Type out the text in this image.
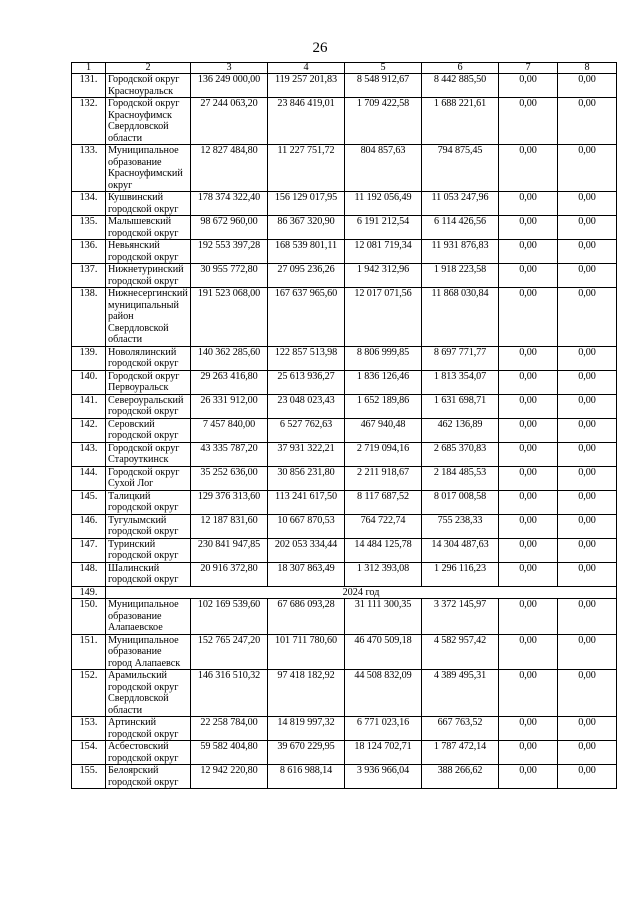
26
1	2	3	4	5	6	7	8
131.	Городской округ Красноуральск	136 249 000,00	119 257 201,83	8 548 912,67	8 442 885,50	0,00	0,00
132.	Городской округ Красноуфимск Свердловской области	27 244 063,20	23 846 419,01	1 709 422,58	1 688 221,61	0,00	0,00
133.	Муниципальное образование Красноуфимский округ	12 827 484,80	11 227 751,72	804 857,63	794 875,45	0,00	0,00
134.	Кушвинский городской округ	178 374 322,40	156 129 017,95	11 192 056,49	11 053 247,96	0,00	0,00
135.	Малышевский городской округ	98 672 960,00	86 367 320,90	6 191 212,54	6 114 426,56	0,00	0,00
136.	Невьянский городской округ	192 553 397,28	168 539 801,11	12 081 719,34	11 931 876,83	0,00	0,00
137.	Нижнетуринский городской округ	30 955 772,80	27 095 236,26	1 942 312,96	1 918 223,58	0,00	0,00
138.	Нижнесергинский муниципальный район Свердловской области	191 523 068,00	167 637 965,60	12 017 071,56	11 868 030,84	0,00	0,00
139.	Новолялинский городской округ	140 362 285,60	122 857 513,98	8 806 999,85	8 697 771,77	0,00	0,00
140.	Городской округ Первоуральск	29 263 416,80	25 613 936,27	1 836 126,46	1 813 354,07	0,00	0,00
141.	Североуральский городской округ	26 331 912,00	23 048 023,43	1 652 189,86	1 631 698,71	0,00	0,00
142.	Серовский городской округ	7 457 840,00	6 527 762,63	467 940,48	462 136,89	0,00	0,00
143.	Городской округ Староуткинск	43 335 787,20	37 931 322,21	2 719 094,16	2 685 370,83	0,00	0,00
144.	Городской округ Сухой Лог	35 252 636,00	30 856 231,80	2 211 918,67	2 184 485,53	0,00	0,00
145.	Талицкий городской округ	129 376 313,60	113 241 617,50	8 117 687,52	8 017 008,58	0,00	0,00
146.	Тугулымский городской округ	12 187 831,60	10 667 870,53	764 722,74	755 238,33	0,00	0,00
147.	Туринский городской округ	230 841 947,85	202 053 334,44	14 484 125,78	14 304 487,63	0,00	0,00
148.	Шалинский городской округ	20 916 372,80	18 307 863,49	1 312 393,08	1 296 116,23	0,00	0,00
149.	2024 год						
150.	Муниципальное образование Алапаевское	102 169 539,60	67 686 093,28	31 111 300,35	3 372 145,97	0,00	0,00
151.	Муниципальное образование город Алапаевск	152 765 247,20	101 711 780,60	46 470 509,18	4 582 957,42	0,00	0,00
152.	Арамильский городской округ Свердловской области	146 316 510,32	97 418 182,92	44 508 832,09	4 389 495,31	0,00	0,00
153.	Артинский городской округ	22 258 784,00	14 819 997,32	6 771 023,16	667 763,52	0,00	0,00
154.	Асбестовский городской округ	59 582 404,80	39 670 229,95	18 124 702,71	1 787 472,14	0,00	0,00
155.	Белоярский городской округ	12 942 220,80	8 616 988,14	3 936 966,04	388 266,62	0,00	0,00
